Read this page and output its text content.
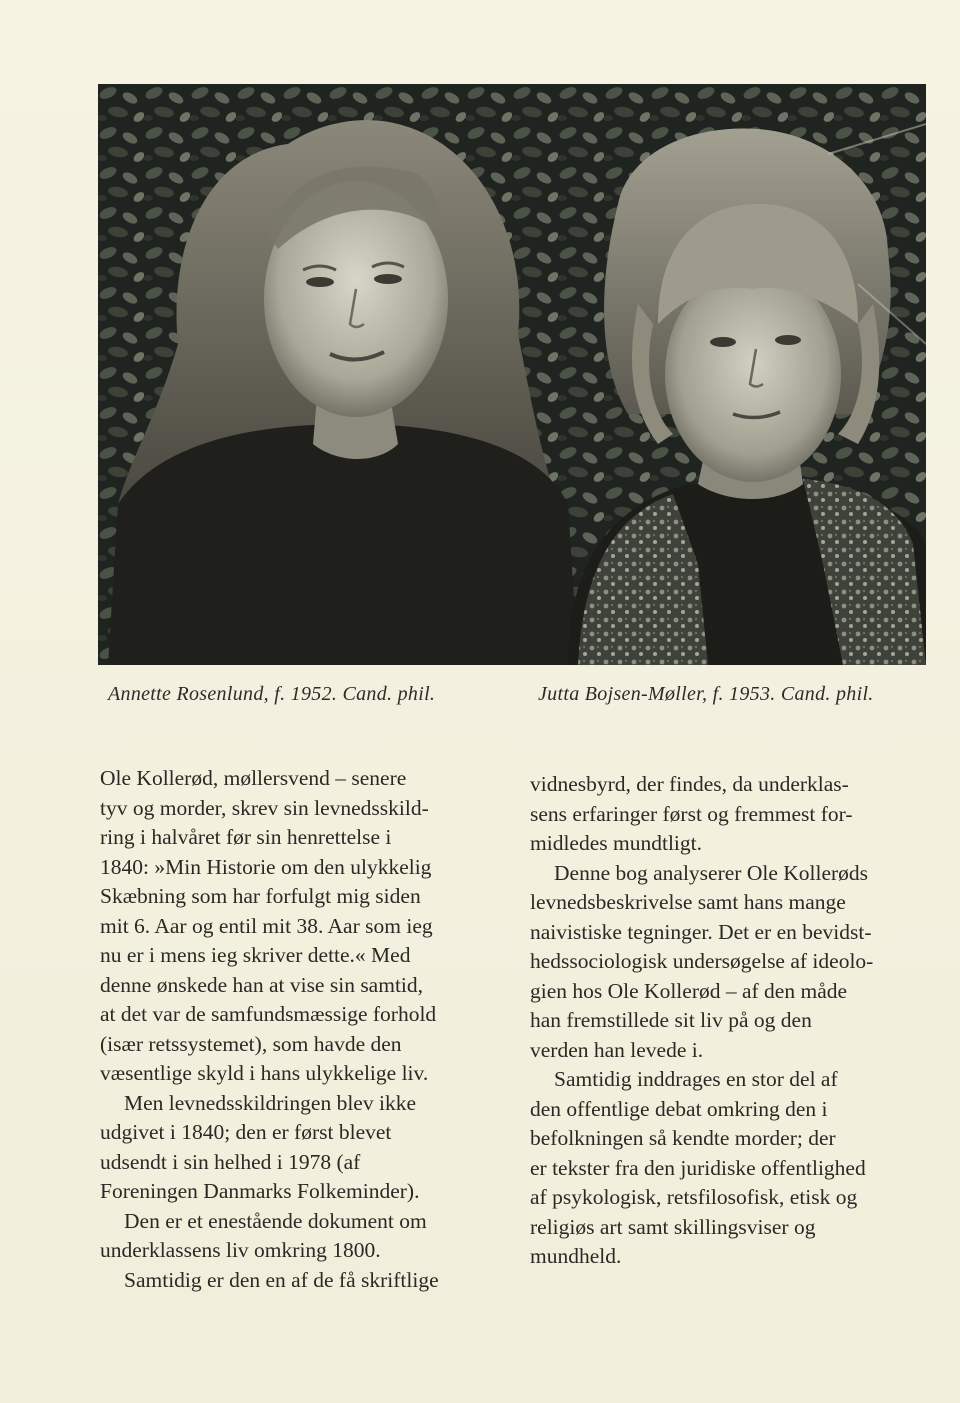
Annette Rosenlund, f. 1952. Cand. phil.	Jutta Bojsen-Møller, f. 1953. Cand. phil.
Ole Kollerød, møllersvend – senere
tyv og morder, skrev sin levnedsskild-
ring i halvåret før sin henrettelse i
1840: »Min Historie om den ulykkelig
Skæbning som har forfulgt mig siden
mit 6. Aar og entil mit 38. Aar som ieg
nu er i mens ieg skriver dette.« Med
denne ønskede han at vise sin samtid,
at det var de samfundsmæssige forhold
(især retssystemet), som havde den
væsentlige skyld i hans ulykkelige liv.
Men levnedsskildringen blev ikke
udgivet i 1840; den er først blevet
udsendt i sin helhed i 1978 (af
Foreningen Danmarks Folkeminder).
Den er et enestående dokument om
underklassens liv omkring 1800.
Samtidig er den en af de få skriftlige
vidnesbyrd, der findes, da underklas-
sens erfaringer først og fremmest for-
midledes mundtligt.
Denne bog analyserer Ole Kollerøds
levnedsbeskrivelse samt hans mange
naivistiske tegninger. Det er en bevidst-
hedssociologisk undersøgelse af ideolo-
gien hos Ole Kollerød – af den måde
han fremstillede sit liv på og den
verden han levede i.
Samtidig inddrages en stor del af
den offentlige debat omkring den i
befolkningen så kendte morder; der
er tekster fra den juridiske offentlighed
af psykologisk, retsfilosofisk, etisk og
religiøs art samt skillingsviser og
mundheld.
